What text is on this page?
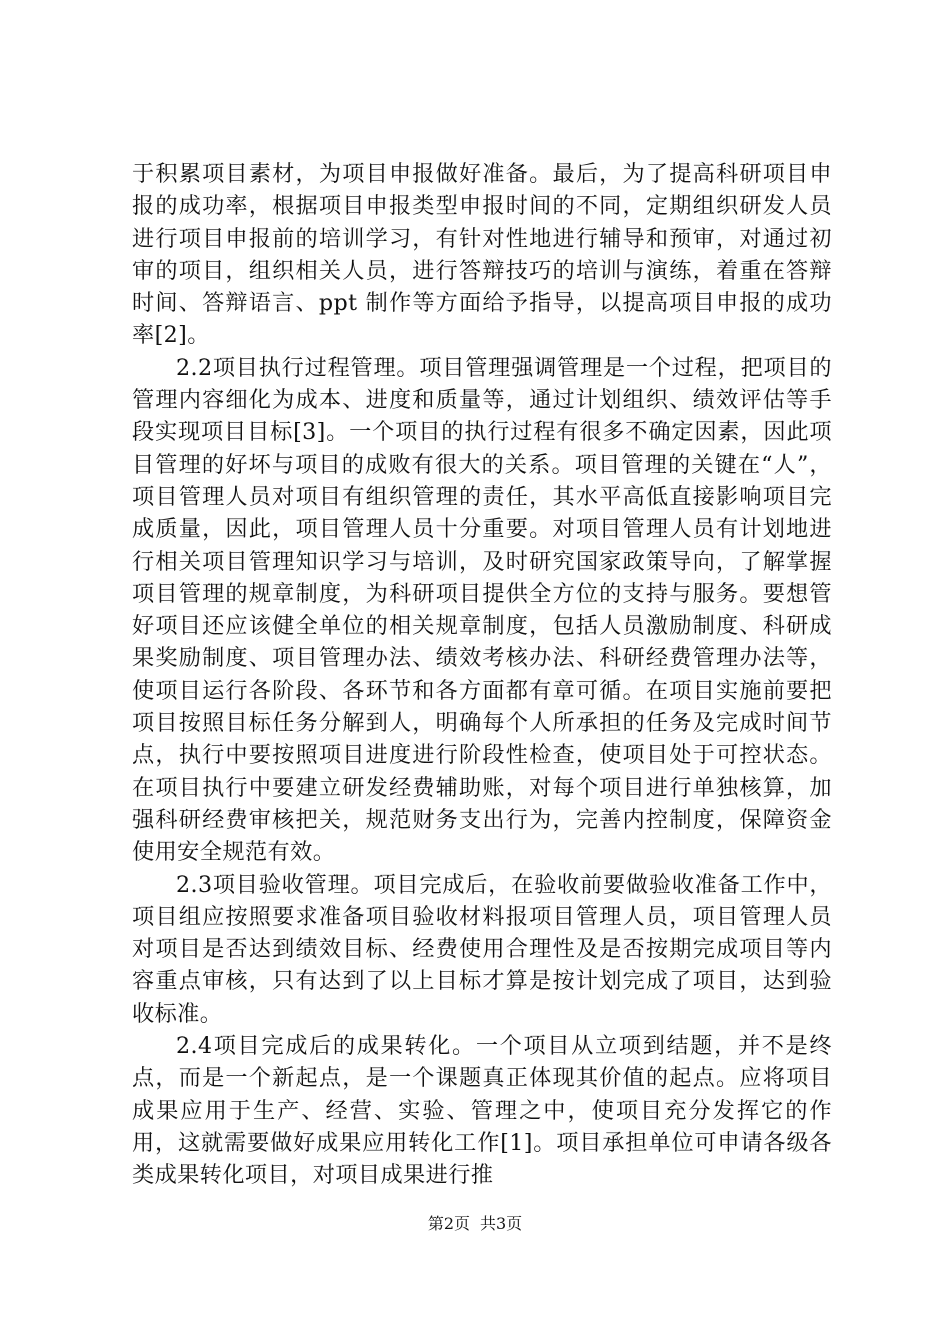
于积累项目素材，为项目申报做好准备。最后，为了提高科研项目申报的成功率，根据项目申报类型申报时间的不同，定期组织研发人员进行项目申报前的培训学习，有针对性地进行辅导和预审，对通过初审的项目，组织相关人员，进行答辩技巧的培训与演练，着重在答辩时间、答辩语言、ppt 制作等方面给予指导，以提高项目申报的成功率[2]。

2.2项目执行过程管理。项目管理强调管理是一个过程，把项目的管理内容细化为成本、进度和质量等，通过计划组织、绩效评估等手段实现项目目标[3]。一个项目的执行过程有很多不确定因素，因此项目管理的好坏与项目的成败有很大的关系。项目管理的关键在“人”，项目管理人员对项目有组织管理的责任，其水平高低直接影响项目完成质量，因此，项目管理人员十分重要。对项目管理人员有计划地进行相关项目管理知识学习与培训，及时研究国家政策导向，了解掌握项目管理的规章制度，为科研项目提供全方位的支持与服务。要想管好项目还应该健全单位的相关规章制度，包括人员激励制度、科研成果奖励制度、项目管理办法、绩效考核办法、科研经费管理办法等，使项目运行各阶段、各环节和各方面都有章可循。在项目实施前要把项目按照目标任务分解到人，明确每个人所承担的任务及完成时间节点，执行中要按照项目进度进行阶段性检查，使项目处于可控状态。在项目执行中要建立研发经费辅助账，对每个项目进行单独核算，加强科研经费审核把关，规范财务支出行为，完善内控制度，保障资金使用安全规范有效。

2.3项目验收管理。项目完成后，在验收前要做验收准备工作中，项目组应按照要求准备项目验收材料报项目管理人员，项目管理人员对项目是否达到绩效目标、经费使用合理性及是否按期完成项目等内容重点审核，只有达到了以上目标才算是按计划完成了项目，达到验收标准。

2.4项目完成后的成果转化。一个项目从立项到结题，并不是终点，而是一个新起点，是一个课题真正体现其价值的起点。应将项目成果应用于生产、经营、实验、管理之中，使项目充分发挥它的作用，这就需要做好成果应用转化工作[1]。项目承担单位可申请各级各类成果转化项目，对项目成果进行推

第2页 共3页
